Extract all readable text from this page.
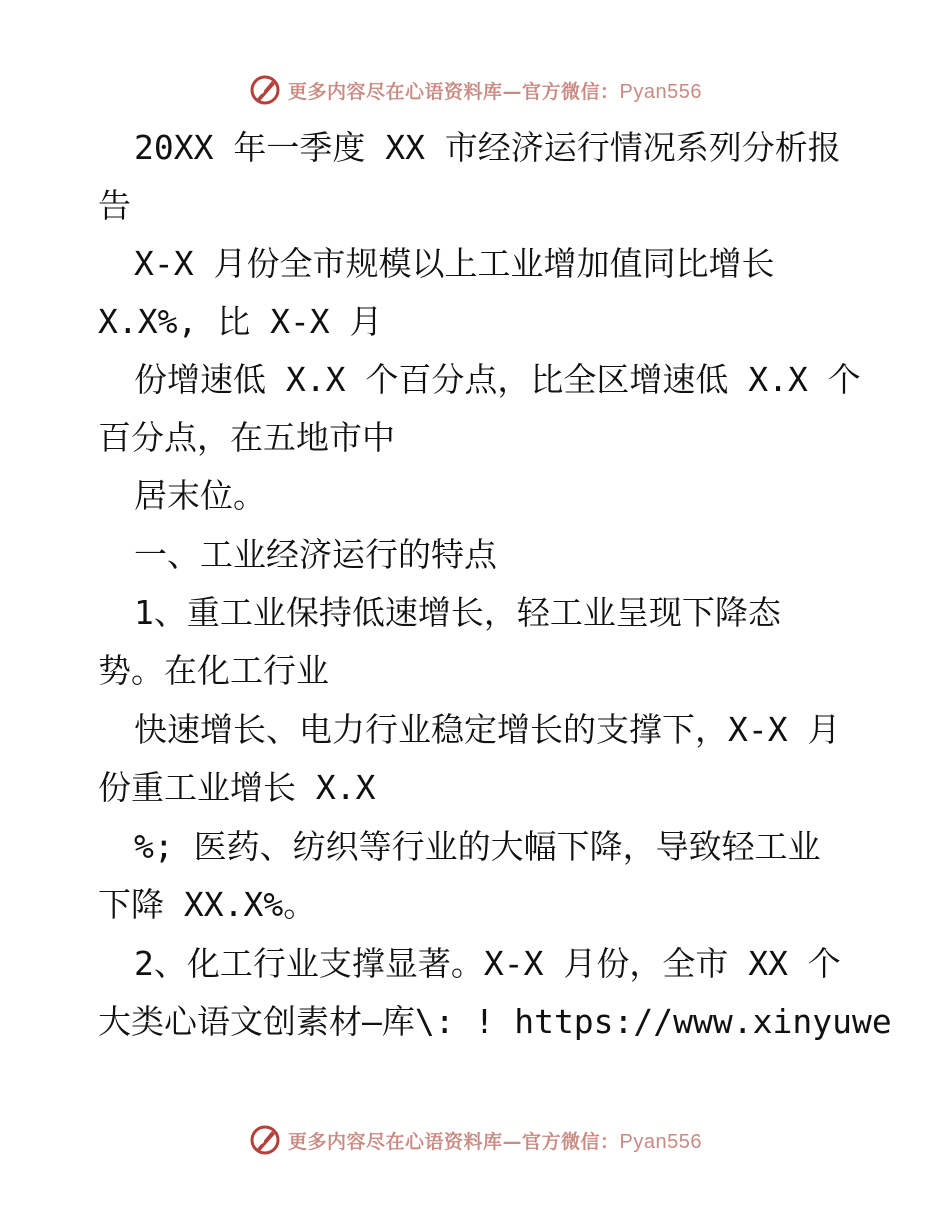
更多内容尽在心语资料库—官方微信：Pyan556
20XX 年一季度 XX 市经济运行情况系列分析报
告
X-X 月份全市规模以上工业增加值同比增长
X.X%, 比 X-X 月
份增速低 X.X 个百分点，比全区增速低 X.X 个
百分点，在五地市中
居末位。
一、工业经济运行的特点
1、重工业保持低速增长，轻工业呈现下降态
势。在化工行业
快速增长、电力行业稳定增长的支撑下，X-X 月
份重工业增长 X.X
%; 医药、纺织等行业的大幅下降，导致轻工业
下降 XX.X%。
2、化工行业支撑显著。X-X 月份，全市 XX 个
大类心语文创素材—库\: ! https://www.xinyuwe
更多内容尽在心语资料库—官方微信：Pyan556
